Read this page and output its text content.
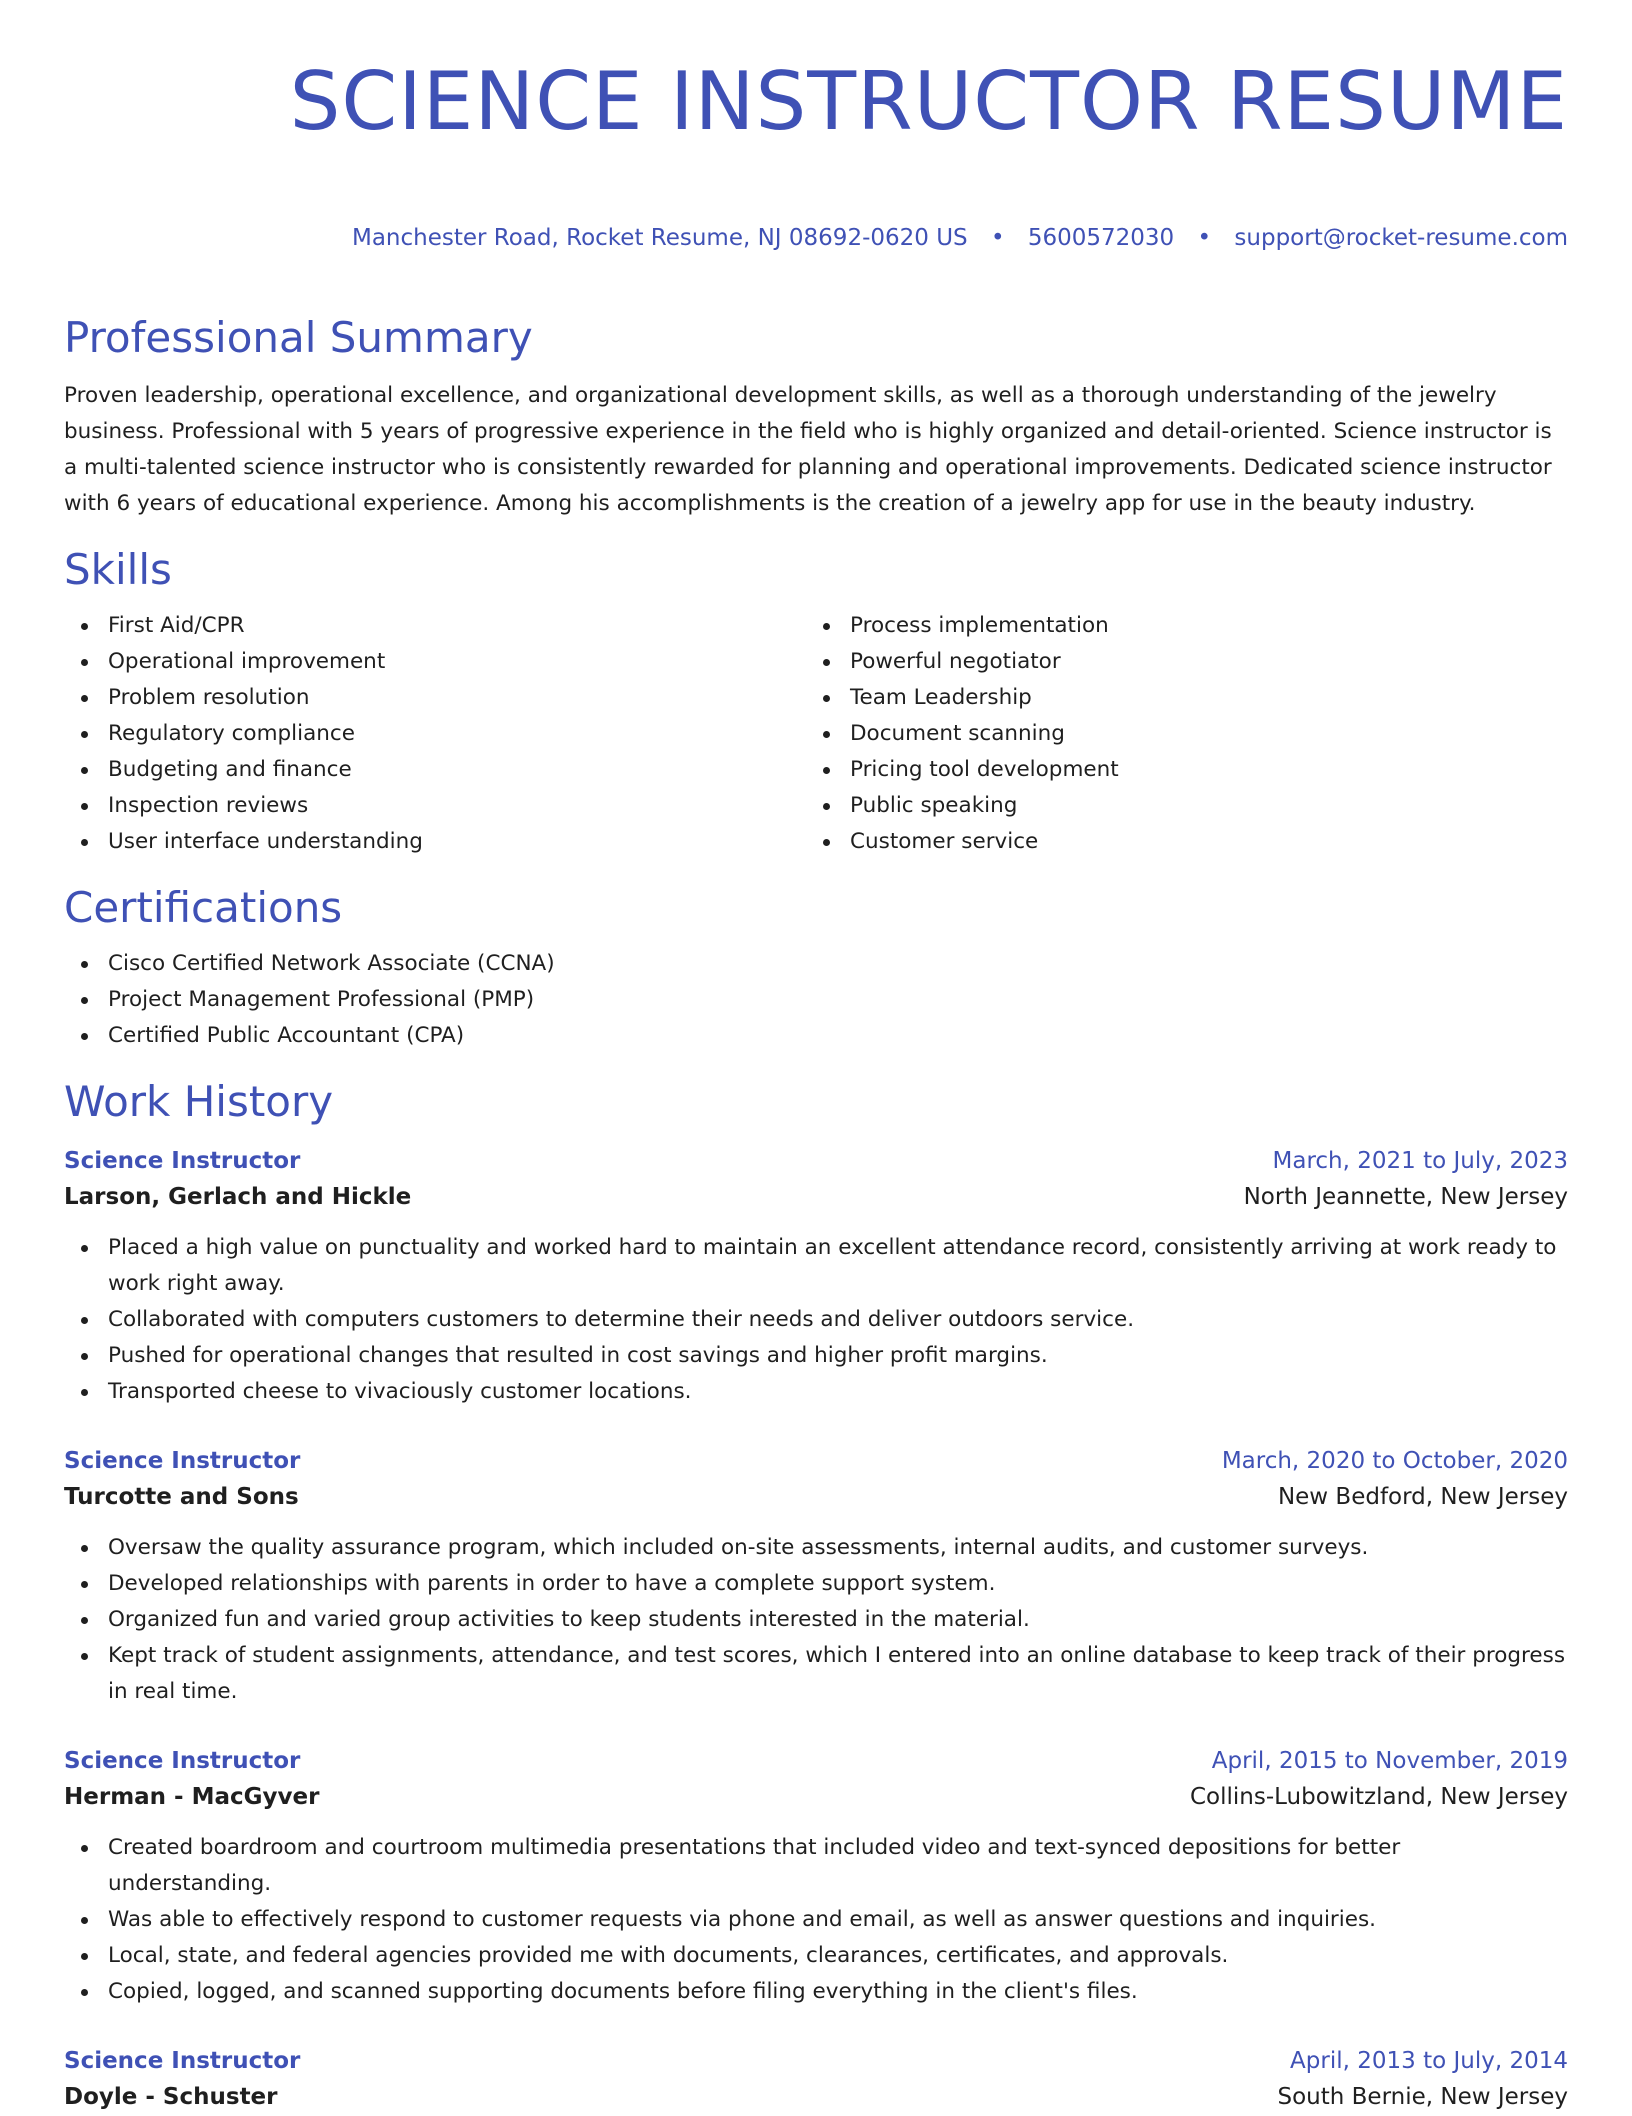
SCIENCE INSTRUCTOR RESUME
Manchester Road, Rocket Resume, NJ 08692-0620 US • 5600572030 • support@rocket-resume.com
Professional Summary

Proven leadership, operational excellence, and organizational development skills, as well as a thorough understanding of the jewelry business. Professional with 5 years of progressive experience in the field who is highly organized and detail-oriented. Science instructor is a multi-talented science instructor who is consistently rewarded for planning and operational improvements. Dedicated science instructor with 6 years of educational experience. Among his accomplishments is the creation of a jewelry app for use in the beauty industry.

Skills
First Aid/CPR
Operational improvement
Problem resolution
Regulatory compliance
Budgeting and finance
Inspection reviews
User interface understanding
Process implementation
Powerful negotiator
Team Leadership
Document scanning
Pricing tool development
Public speaking
Customer service
Certifications
Cisco Certified Network Associate (CCNA)
Project Management Professional (PMP)
Certified Public Accountant (CPA)
Work History
Science Instructor	March, 2021 to July, 2023
Larson, Gerlach and Hickle	North Jeannette, New Jersey
Placed a high value on punctuality and worked hard to maintain an excellent attendance record, consistently arriving at work ready to work right away.
Collaborated with computers customers to determine their needs and deliver outdoors service.
Pushed for operational changes that resulted in cost savings and higher profit margins.
Transported cheese to vivaciously customer locations.
Science Instructor	March, 2020 to October, 2020
Turcotte and Sons	New Bedford, New Jersey
Oversaw the quality assurance program, which included on-site assessments, internal audits, and customer surveys.
Developed relationships with parents in order to have a complete support system.
Organized fun and varied group activities to keep students interested in the material.
Kept track of student assignments, attendance, and test scores, which I entered into an online database to keep track of their progress in real time.
Science Instructor	April, 2015 to November, 2019
Herman - MacGyver	Collins-Lubowitzland, New Jersey
Created boardroom and courtroom multimedia presentations that included video and text-synced depositions for better understanding.
Was able to effectively respond to customer requests via phone and email, as well as answer questions and inquiries.
Local, state, and federal agencies provided me with documents, clearances, certificates, and approvals.
Copied, logged, and scanned supporting documents before filing everything in the client's files.
Science Instructor	April, 2013 to July, 2014
Doyle - Schuster	South Bernie, New Jersey
